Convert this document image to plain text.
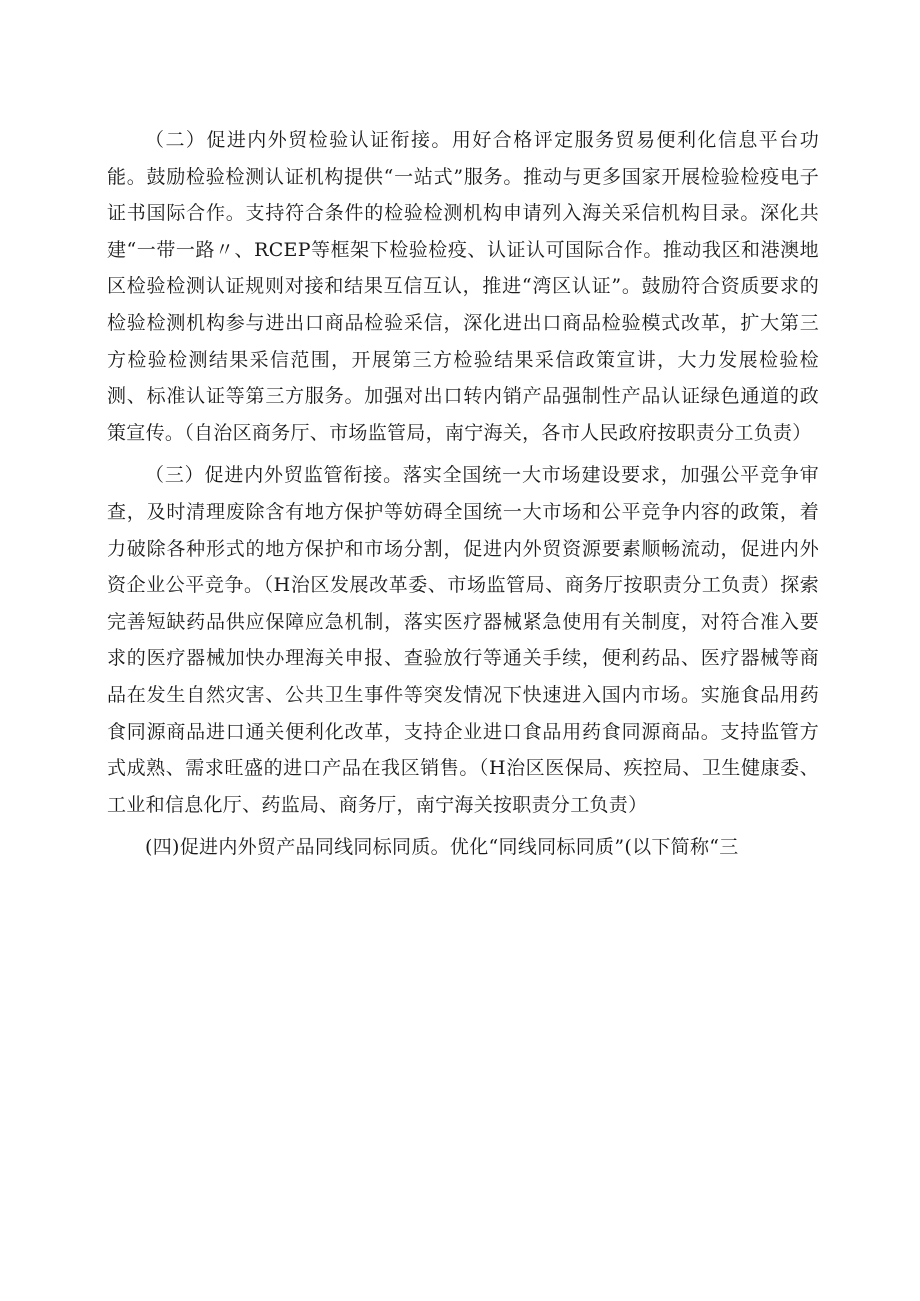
（二）促进内外贸检验认证衔接。用好合格评定服务贸易便利化信息平台功能。鼓励检验检测认证机构提供“一站式”服务。推动与更多国家开展检验检疫电子证书国际合作。支持符合条件的检验检测机构申请列入海关采信机构目录。深化共建“一带一路〃、RCEP等框架下检验检疫、认证认可国际合作。推动我区和港澳地区检验检测认证规则对接和结果互信互认，推进“湾区认证”。鼓励符合资质要求的检验检测机构参与进出口商品检验采信，深化进出口商品检验模式改革，扩大第三方检验检测结果采信范围，开展第三方检验结果采信政策宣讲，大力发展检验检测、标准认证等第三方服务。加强对出口转内销产品强制性产品认证绿色通道的政策宣传。（自治区商务厅、市场监管局，南宁海关，各市人民政府按职责分工负责）

（三）促进内外贸监管衔接。落实全国统一大市场建设要求，加强公平竞争审查，及时清理废除含有地方保护等妨碍全国统一大市场和公平竞争内容的政策，着力破除各种形式的地方保护和市场分割，促进内外贸资源要素顺畅流动，促进内外资企业公平竞争。（H治区发展改革委、市场监管局、商务厅按职责分工负责）探索完善短缺药品供应保障应急机制，落实医疗器械紧急使用有关制度，对符合准入要求的医疗器械加快办理海关申报、查验放行等通关手续，便利药品、医疗器械等商品在发生自然灾害、公共卫生事件等突发情况下快速进入国内市场。实施食品用药食同源商品进口通关便利化改革，支持企业进口食品用药食同源商品。支持监管方式成熟、需求旺盛的进口产品在我区销售。（H治区医保局、疾控局、卫生健康委、工业和信息化厅、药监局、商务厅，南宁海关按职责分工负责）

(四)促进内外贸产品同线同标同质。优化“同线同标同质”(以下简称“三
